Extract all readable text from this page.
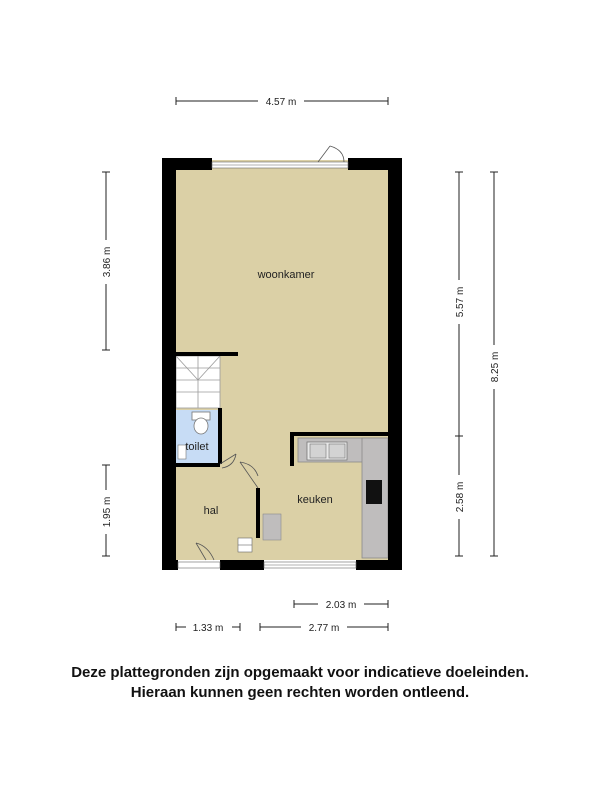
woonkamer
toilet
hal
keuken
4.57 m
3.86 m
1.95 m
5.57 m
2.58 m
8.25 m
2.03 m
1.33 m	2.77 m
Deze plattegronden zijn opgemaakt voor indicatieve doeleinden.
Hieraan kunnen geen rechten worden ontleend.
